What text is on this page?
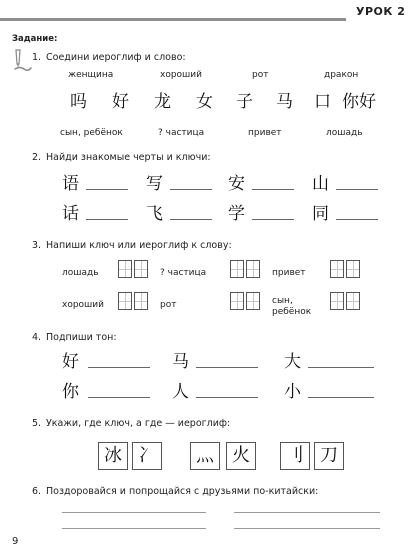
УРОК 2
Задание:
9
1. Соедини иероглиф и слово:
женщина	хороший	рот	дракон
吗 好 龙 女 子 马 口 你好
сын, ребёнок	? частица	привет	лошадь
2. Найди знакомые черты и ключи:
语	写	安	山
话	飞	学	同
3. Напиши ключ или иероглиф к слову:
лошадь	? частица	привет
хороший	рот	сын,
ребёнок
4. Подпиши тон:
好	马	大
你	人	小
5. Укажи, где ключ, а где — иероглиф:
冰 冫 灬 火 刂 刀
6. Поздоровайся и попрощайся с друзьями по-китайски:
